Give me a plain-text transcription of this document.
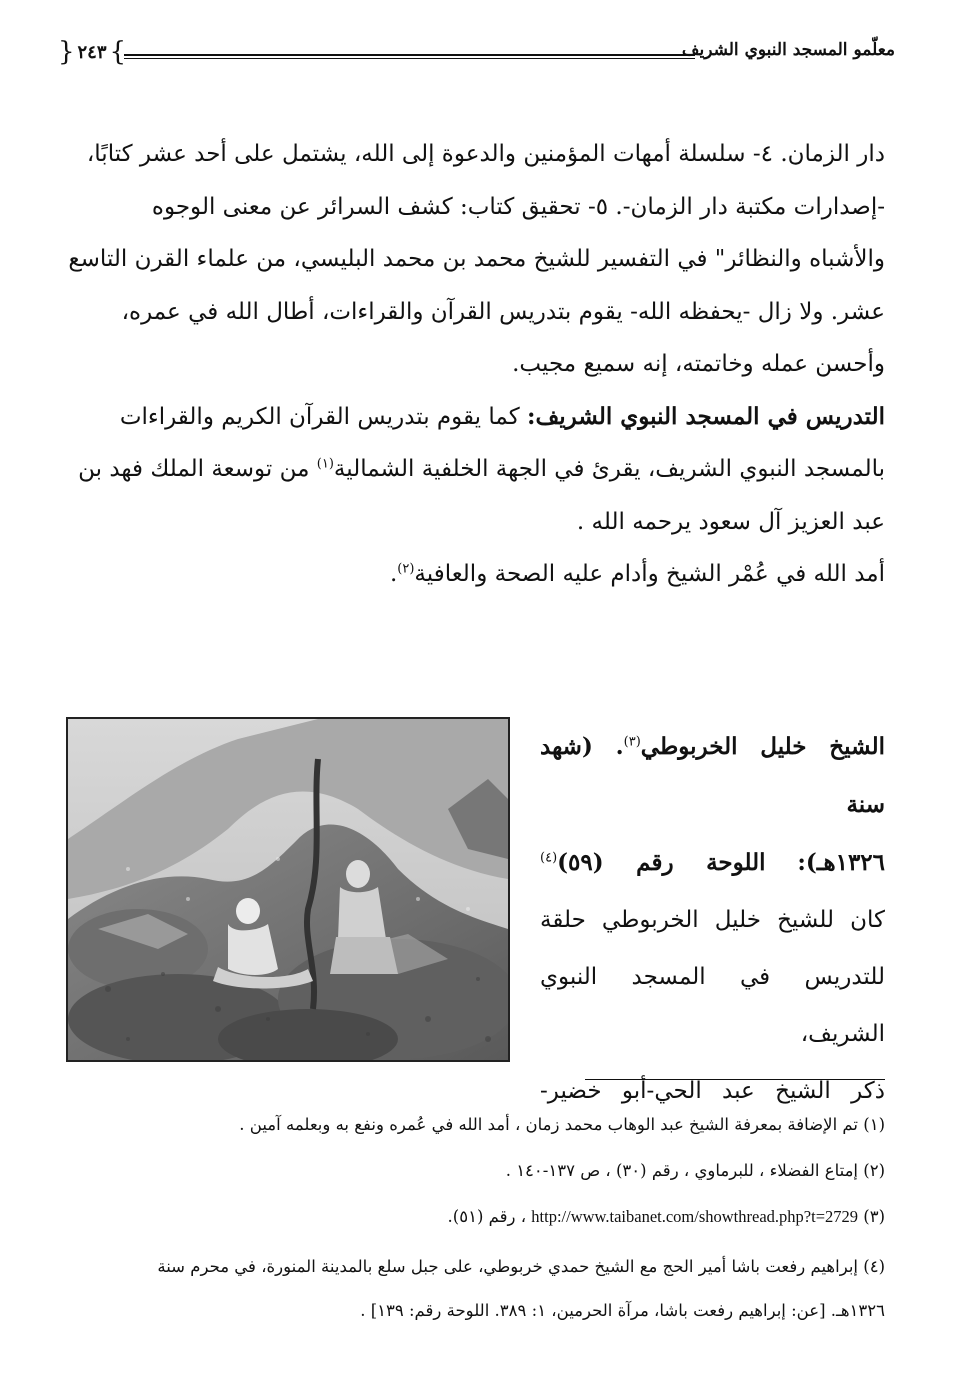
معلّمو المسجد النبوي الشريف
{ ٢٤٣ }

دار الزمان. ٤- سلسلة أمهات المؤمنين والدعوة إلى الله، يشتمل على أحد عشر كتابًا،

-إصدارات مكتبة دار الزمان-. ٥- تحقيق كتاب: كشف السرائر عن معنى الوجوه

والأشباه والنظائر" في التفسير للشيخ محمد بن محمد البليسي، من علماء القرن التاسع

عشر. ولا زال -يحفظه الله- يقوم بتدريس القرآن والقراءات، أطال الله في عمره،

وأحسن عمله وخاتمته، إنه سميع مجيب.

التدريس في المسجد النبوي الشريف: كما يقوم بتدريس القرآن الكريم والقراءات

بالمسجد النبوي الشريف، يقرئ في الجهة الخلفية الشمالية$^{(١)}$ من توسعة الملك فهد بن

عبد العزيز آل سعود يرحمه الله .

أمد الله في عُمْر الشيخ وأدام عليه الصحة والعافية$^{(٢)}$.

الشيخ خليل الخربوطي$^{(٣)}$. (شهد سنة

١٣٢٦هـ): اللوحة رقم (٥٩)$^{(٤)}$

كان للشيخ خليل الخربوطي حلقة

للتدريس في المسجد النبوي الشريف،

ذكر الشيخ عبد الحي-أبو خضير-

(١) تم الإضافة بمعرفة الشيخ عبد الوهاب محمد زمان ، أمد الله في عُمره ونفع به وبعلمه آمين .

(٢) إمتاع الفضلاء ، للبرماوي ، رقم (٣٠) ، ص ١٣٧-١٤٠ .

(٣) http://www.taibanet.com/showthread.php?t=2729 ، رقم (٥١).

(٤) إبراهيم رفعت باشا أمير الحج مع الشيخ حمدي خربوطي، على جبل سلع بالمدينة المنورة، في محرم سنة
١٣٢٦هـ. [عن: إبراهيم رفعت باشا، مرآة الحرمين، ١: ٣٨٩. اللوحة رقم: ١٣٩] .
